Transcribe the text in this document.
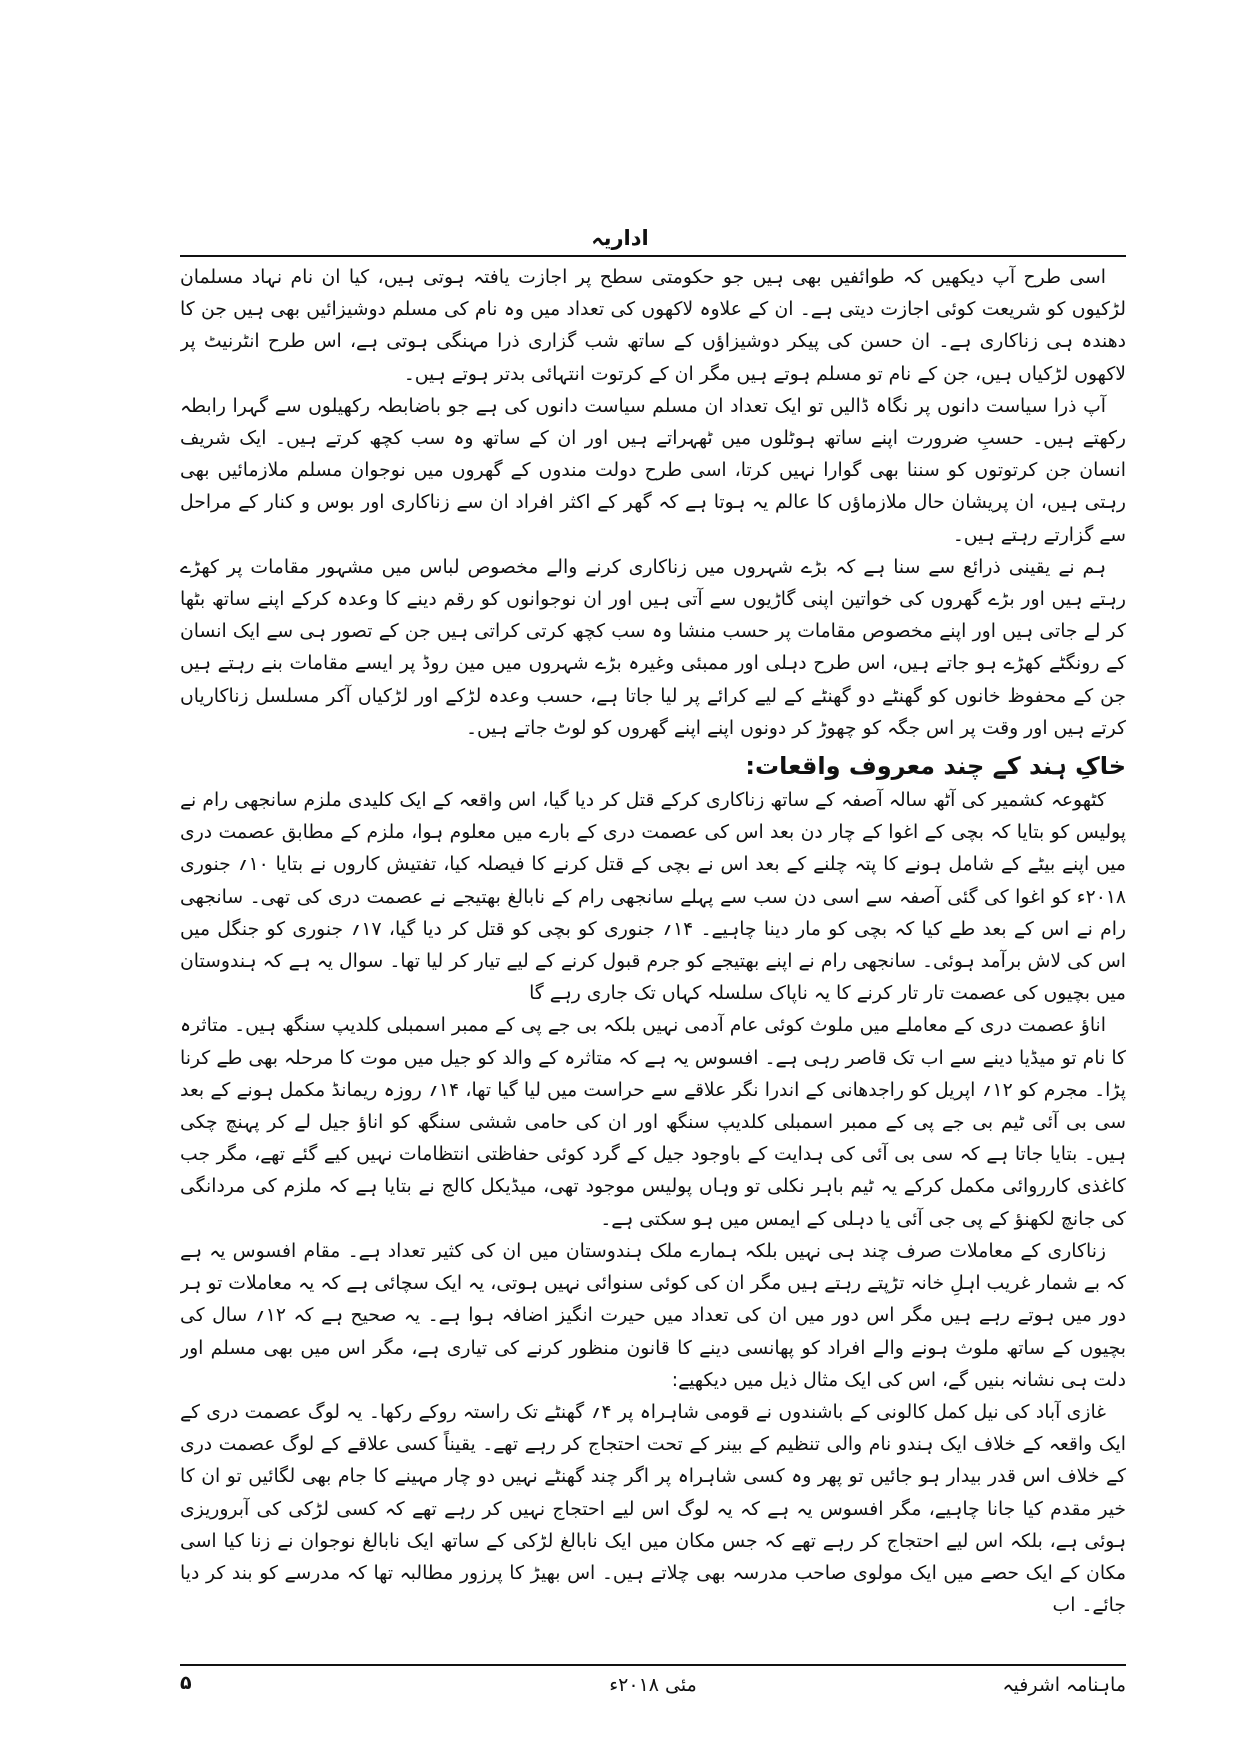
اداریہ

اسی طرح آپ دیکھیں کہ طوائفیں بھی ہیں جو حکومتی سطح پر اجازت یافتہ ہوتی ہیں، کیا ان نام نہاد مسلمان لڑکیوں کو شریعت کوئی اجازت دیتی ہے۔ ان کے علاوہ لاکھوں کی تعداد میں وہ نام کی مسلم دوشیزائیں بھی ہیں جن کا دھندہ ہی زناکاری ہے۔ ان حسن کی پیکر دوشیزاؤں کے ساتھ شب گزاری ذرا مہنگی ہوتی ہے، اس طرح انٹرنیٹ پر لاکھوں لڑکیاں ہیں، جن کے نام تو مسلم ہوتے ہیں مگر ان کے کرتوت انتہائی بدتر ہوتے ہیں۔

آپ ذرا سیاست دانوں پر نگاہ ڈالیں تو ایک تعداد ان مسلم سیاست دانوں کی ہے جو باضابطہ رکھیلوں سے گہرا رابطہ رکھتے ہیں۔ حسبِ ضرورت اپنے ساتھ ہوٹلوں میں ٹھہراتے ہیں اور ان کے ساتھ وہ سب کچھ کرتے ہیں۔ ایک شریف انسان جن کرتوتوں کو سننا بھی گوارا نہیں کرتا، اسی طرح دولت مندوں کے گھروں میں نوجوان مسلم ملازمائیں بھی رہتی ہیں، ان پریشان حال ملازماؤں کا عالم یہ ہوتا ہے کہ گھر کے اکثر افراد ان سے زناکاری اور بوس و کنار کے مراحل سے گزارتے رہتے ہیں۔

ہم نے یقینی ذرائع سے سنا ہے کہ بڑے شہروں میں زناکاری کرنے والے مخصوص لباس میں مشہور مقامات پر کھڑے رہتے ہیں اور بڑے گھروں کی خواتین اپنی گاڑیوں سے آتی ہیں اور ان نوجوانوں کو رقم دینے کا وعدہ کرکے اپنے ساتھ بٹھا کر لے جاتی ہیں اور اپنے مخصوص مقامات پر حسب منشا وہ سب کچھ کرتی کراتی ہیں جن کے تصور ہی سے ایک انسان کے رونگٹے کھڑے ہو جاتے ہیں، اس طرح دہلی اور ممبئی وغیرہ بڑے شہروں میں مین روڈ پر ایسے مقامات بنے رہتے ہیں جن کے محفوظ خانوں کو گھنٹے دو گھنٹے کے لیے کرائے پر لیا جاتا ہے، حسب وعدہ لڑکے اور لڑکیاں آکر مسلسل زناکاریاں کرتے ہیں اور وقت پر اس جگہ کو چھوڑ کر دونوں اپنے اپنے گھروں کو لوٹ جاتے ہیں۔

خاکِ ہند کے چند معروف واقعات:

کٹھوعہ کشمیر کی آٹھ سالہ آصفہ کے ساتھ زناکاری کرکے قتل کر دیا گیا، اس واقعہ کے ایک کلیدی ملزم سانجھی رام نے پولیس کو بتایا کہ بچی کے اغوا کے چار دن بعد اس کی عصمت دری کے بارے میں معلوم ہوا، ملزم کے مطابق عصمت دری میں اپنے بیٹے کے شامل ہونے کا پتہ چلنے کے بعد اس نے بچی کے قتل کرنے کا فیصلہ کیا، تفتیش کاروں نے بتایا ۱۰؍ جنوری ۲۰۱۸ء کو اغوا کی گئی آصفہ سے اسی دن سب سے پہلے سانجھی رام کے نابالغ بھتیجے نے عصمت دری کی تھی۔ سانجھی رام نے اس کے بعد طے کیا کہ بچی کو مار دینا چاہیے۔ ۱۴؍ جنوری کو بچی کو قتل کر دیا گیا، ۱۷؍ جنوری کو جنگل میں اس کی لاش برآمد ہوئی۔ سانجھی رام نے اپنے بھتیجے کو جرم قبول کرنے کے لیے تیار کر لیا تھا۔ سوال یہ ہے کہ ہندوستان میں بچیوں کی عصمت تار تار کرنے کا یہ ناپاک سلسلہ کہاں تک جاری رہے گا

اناؤ عصمت دری کے معاملے میں ملوث کوئی عام آدمی نہیں بلکہ بی جے پی کے ممبر اسمبلی کلدیپ سنگھ ہیں۔ متاثرہ کا نام تو میڈیا دینے سے اب تک قاصر رہی ہے۔ افسوس یہ ہے کہ متاثرہ کے والد کو جیل میں موت کا مرحلہ بھی طے کرنا پڑا۔ مجرم کو ۱۲؍ اپریل کو راجدھانی کے اندرا نگر علاقے سے حراست میں لیا گیا تھا، ۱۴؍ روزہ ریمانڈ مکمل ہونے کے بعد سی بی آئی ٹیم بی جے پی کے ممبر اسمبلی کلدیپ سنگھ اور ان کی حامی ششی سنگھ کو اناؤ جیل لے کر پہنچ چکی ہیں۔ بتایا جاتا ہے کہ سی بی آئی کی ہدایت کے باوجود جیل کے گرد کوئی حفاظتی انتظامات نہیں کیے گئے تھے، مگر جب کاغذی کارروائی مکمل کرکے یہ ٹیم باہر نکلی تو وہاں پولیس موجود تھی، میڈیکل کالج نے بتایا ہے کہ ملزم کی مردانگی کی جانچ لکھنؤ کے پی جی آئی یا دہلی کے ایمس میں ہو سکتی ہے۔

زناکاری کے معاملات صرف چند ہی نہیں بلکہ ہمارے ملک ہندوستان میں ان کی کثیر تعداد ہے۔ مقام افسوس یہ ہے کہ بے شمار غریب اہلِ خانہ تڑپتے رہتے ہیں مگر ان کی کوئی سنوائی نہیں ہوتی، یہ ایک سچائی ہے کہ یہ معاملات تو ہر دور میں ہوتے رہے ہیں مگر اس دور میں ان کی تعداد میں حیرت انگیز اضافہ ہوا ہے۔ یہ صحیح ہے کہ ۱۲؍ سال کی بچیوں کے ساتھ ملوث ہونے والے افراد کو پھانسی دینے کا قانون منظور کرنے کی تیاری ہے، مگر اس میں بھی مسلم اور دلت ہی نشانہ بنیں گے، اس کی ایک مثال ذیل میں دیکھیے:

غازی آباد کی نیل کمل کالونی کے باشندوں نے قومی شاہراہ پر ۴؍ گھنٹے تک راستہ روکے رکھا۔ یہ لوگ عصمت دری کے ایک واقعہ کے خلاف ایک ہندو نام والی تنظیم کے بینر کے تحت احتجاج کر رہے تھے۔ یقیناً کسی علاقے کے لوگ عصمت دری کے خلاف اس قدر بیدار ہو جائیں تو پھر وہ کسی شاہراہ پر اگر چند گھنٹے نہیں دو چار مہینے کا جام بھی لگائیں تو ان کا خیر مقدم کیا جانا چاہیے، مگر افسوس یہ ہے کہ یہ لوگ اس لیے احتجاج نہیں کر رہے تھے کہ کسی لڑکی کی آبروریزی ہوئی ہے، بلکہ اس لیے احتجاج کر رہے تھے کہ جس مکان میں ایک نابالغ لڑکی کے ساتھ ایک نابالغ نوجوان نے زنا کیا اسی مکان کے ایک حصے میں ایک مولوی صاحب مدرسہ بھی چلاتے ہیں۔ اس بھیڑ کا پرزور مطالبہ تھا کہ مدرسے کو بند کر دیا جائے۔ اب

۵	مئی ۲۰۱۸ء	ماہنامہ اشرفیہ
